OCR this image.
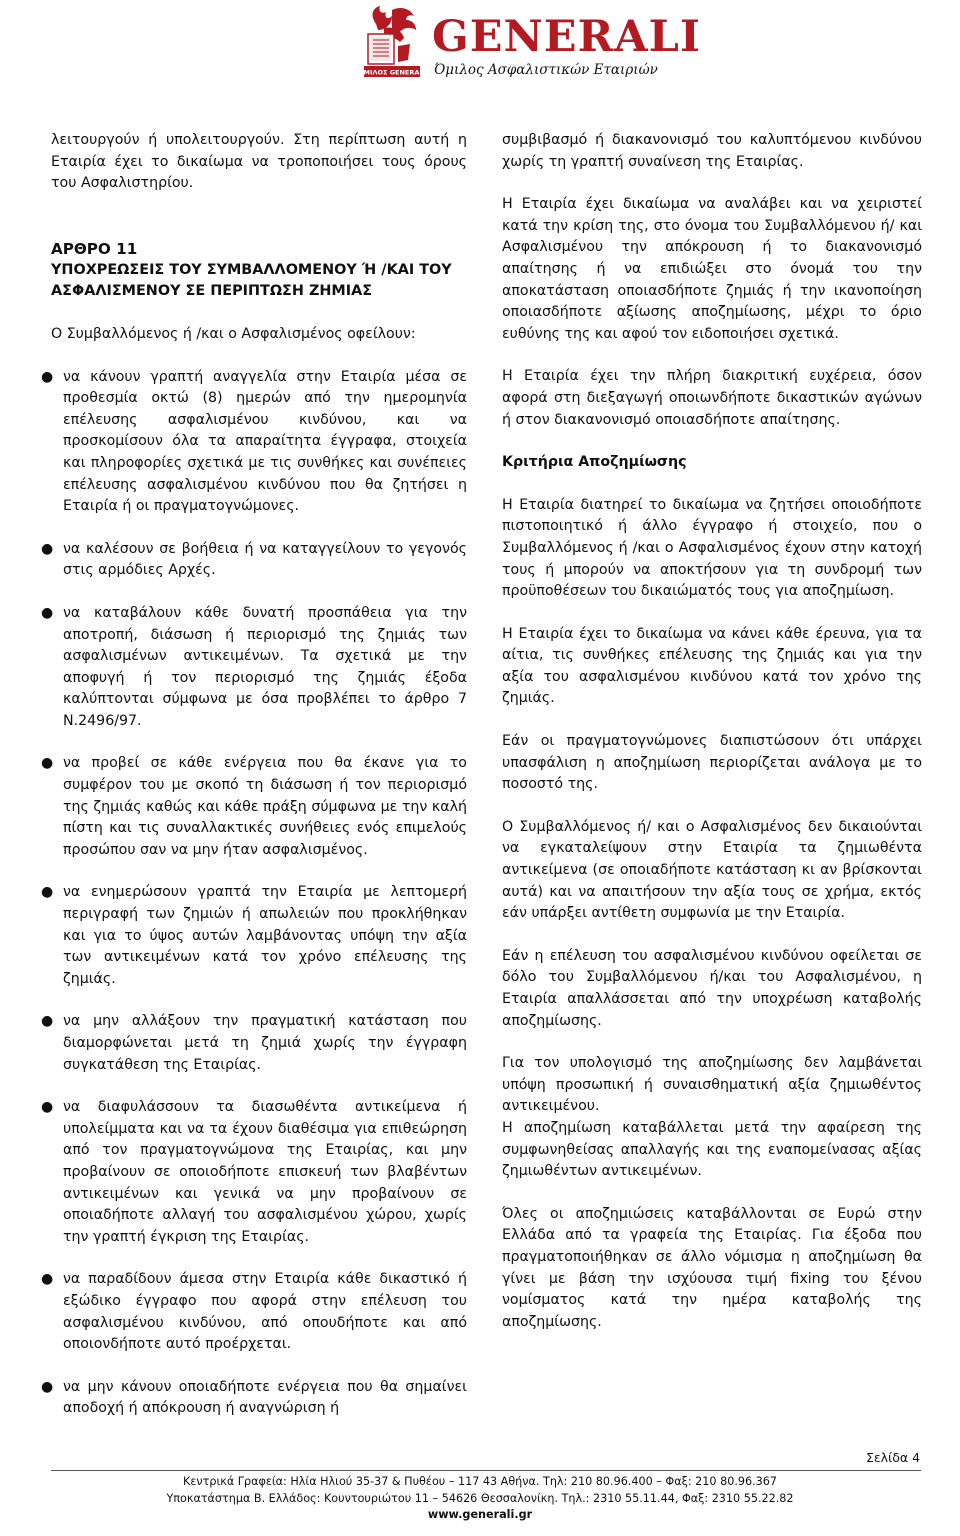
ΟΜΙΛΟΣ GENERALI
GENERALI
Όμιλος Ασφαλιστικών Εταιριών

λειτουργούν ή υπολειτουργούν. Στη περίπτωση αυτή η Εταιρία έχει το δικαίωμα να τροποποιήσει τους όρους του Ασφαλιστηρίου.

ΑΡΘΡΟ 11
ΥΠΟΧΡΕΩΣΕΙΣ ΤΟΥ ΣΥΜΒΑΛΛΟΜΕΝΟΥ Ή /ΚΑΙ ΤΟΥ ΑΣΦΑΛΙΣΜΕΝΟΥ ΣΕ ΠΕΡΙΠΤΩΣΗ ΖΗΜΙΑΣ

Ο Συμβαλλόμενος ή /και ο Ασφαλισμένος οφείλουν:

● να κάνουν γραπτή αναγγελία στην Εταιρία μέσα σε προθεσμία οκτώ (8) ημερών από την ημερομηνία επέλευσης ασφαλισμένου κινδύνου, και να προσκομίσουν όλα τα απαραίτητα έγγραφα, στοιχεία και πληροφορίες σχετικά με τις συνθήκες και συνέπειες επέλευσης ασφαλισμένου κινδύνου που θα ζητήσει η Εταιρία ή οι πραγματογνώμονες.
● να καλέσουν σε βοήθεια ή να καταγγείλουν το γεγονός στις αρμόδιες Αρχές.
● να καταβάλουν κάθε δυνατή προσπάθεια για την αποτροπή, διάσωση ή περιορισμό της ζημιάς των ασφαλισμένων αντικειμένων. Τα σχετικά με την αποφυγή ή τον περιορισμό της ζημιάς έξοδα καλύπτονται σύμφωνα με όσα προβλέπει το άρθρο 7 Ν.2496/97.
● να προβεί σε κάθε ενέργεια που θα έκανε για το συμφέρον του με σκοπό τη διάσωση ή τον περιορισμό της ζημιάς καθώς και κάθε πράξη σύμφωνα με την καλή πίστη και τις συναλλακτικές συνήθειες ενός επιμελούς προσώπου σαν να μην ήταν ασφαλισμένος.
● να ενημερώσουν γραπτά την Εταιρία με λεπτομερή περιγραφή των ζημιών ή απωλειών που προκλήθηκαν και για το ύψος αυτών λαμβάνοντας υπόψη την αξία των αντικειμένων κατά τον χρόνο επέλευσης της ζημιάς.
● να μην αλλάξουν την πραγματική κατάσταση που διαμορφώνεται μετά τη ζημιά χωρίς την έγγραφη συγκατάθεση της Εταιρίας.
● να διαφυλάσσουν τα διασωθέντα αντικείμενα ή υπολείμματα και να τα έχουν διαθέσιμα για επιθεώρηση από τον πραγματογνώμονα της Εταιρίας, και μην προβαίνουν σε οποιοδήποτε επισκευή των βλαβέντων αντικειμένων και γενικά να μην προβαίνουν σε οποιαδήποτε αλλαγή του ασφαλισμένου χώρου, χωρίς την γραπτή έγκριση της Εταιρίας.
● να παραδίδουν άμεσα στην Εταιρία κάθε δικαστικό ή εξώδικο έγγραφο που αφορά στην επέλευση του ασφαλισμένου κινδύνου, από οπουδήποτε και από οποιονδήποτε αυτό προέρχεται.
● να μην κάνουν οποιαδήποτε ενέργεια που θα σημαίνει αποδοχή ή απόκρουση ή αναγνώριση ή

συμβιβασμό ή διακανονισμό του καλυπτόμενου κινδύνου χωρίς τη γραπτή συναίνεση της Εταιρίας.

Η Εταιρία έχει δικαίωμα να αναλάβει και να χειριστεί κατά την κρίση της, στο όνομα του Συμβαλλόμενου ή/ και Ασφαλισμένου την απόκρουση ή το διακανονισμό απαίτησης ή να επιδιώξει στο όνομά του την αποκατάσταση οποιασδήποτε ζημιάς ή την ικανοποίηση οποιασδήποτε αξίωσης αποζημίωσης, μέχρι το όριο ευθύνης της και αφού τον ειδοποιήσει σχετικά.

Η Εταιρία έχει την πλήρη διακριτική ευχέρεια, όσον αφορά στη διεξαγωγή οποιωνδήποτε δικαστικών αγώνων ή στον διακανονισμό οποιασδήποτε απαίτησης.

Κριτήρια Αποζημίωσης

Η Εταιρία διατηρεί το δικαίωμα να ζητήσει οποιοδήποτε πιστοποιητικό ή άλλο έγγραφο ή στοιχείο, που ο Συμβαλλόμενος ή /και ο Ασφαλισμένος έχουν στην κατοχή τους ή μπορούν να αποκτήσουν για τη συνδρομή των προϋποθέσεων του δικαιώματός τους για αποζημίωση.

Η Εταιρία έχει το δικαίωμα να κάνει κάθε έρευνα, για τα αίτια, τις συνθήκες επέλευσης της ζημιάς και για την αξία του ασφαλισμένου κινδύνου κατά τον χρόνο της ζημιάς.

Εάν οι πραγματογνώμονες διαπιστώσουν ότι υπάρχει υπασφάλιση η αποζημίωση περιορίζεται ανάλογα με το ποσοστό της.

Ο Συμβαλλόμενος ή/ και ο Ασφαλισμένος δεν δικαιούνται να εγκαταλείψουν στην Εταιρία τα ζημιωθέντα αντικείμενα (σε οποιαδήποτε κατάσταση κι αν βρίσκονται αυτά) και να απαιτήσουν την αξία τους σε χρήμα, εκτός εάν υπάρξει αντίθετη συμφωνία με την Εταιρία.

Εάν η επέλευση του ασφαλισμένου κινδύνου οφείλεται σε δόλο του Συμβαλλόμενου ή/και του Ασφαλισμένου, η Εταιρία απαλλάσσεται από την υποχρέωση καταβολής αποζημίωσης.

Για τον υπολογισμό της αποζημίωσης δεν λαμβάνεται υπόψη προσωπική ή συναισθηματική αξία ζημιωθέντος αντικειμένου.

Η αποζημίωση καταβάλλεται μετά την αφαίρεση της συμφωνηθείσας απαλλαγής και της εναπομείνασας αξίας ζημιωθέντων αντικειμένων.

Όλες οι αποζημιώσεις καταβάλλονται σε Ευρώ στην Ελλάδα από τα γραφεία της Εταιρίας. Για έξοδα που πραγματοποιήθηκαν σε άλλο νόμισμα η αποζημίωση θα γίνει με βάση την ισχύουσα τιμή fixing του ξένου νομίσματος κατά την ημέρα καταβολής της αποζημίωσης.

Σελίδα 4
Κεντρικά Γραφεία: Ηλία Ηλιού 35-37 & Πυθέου – 117 43 Αθήνα. Τηλ: 210 80.96.400 – Φαξ: 210 80.96.367
Υποκατάστημα Β. Ελλάδος: Κουντουριώτου 11 – 54626 Θεσσαλονίκη. Τηλ.: 2310 55.11.44, Φαξ: 2310 55.22.82
www.generali.gr
